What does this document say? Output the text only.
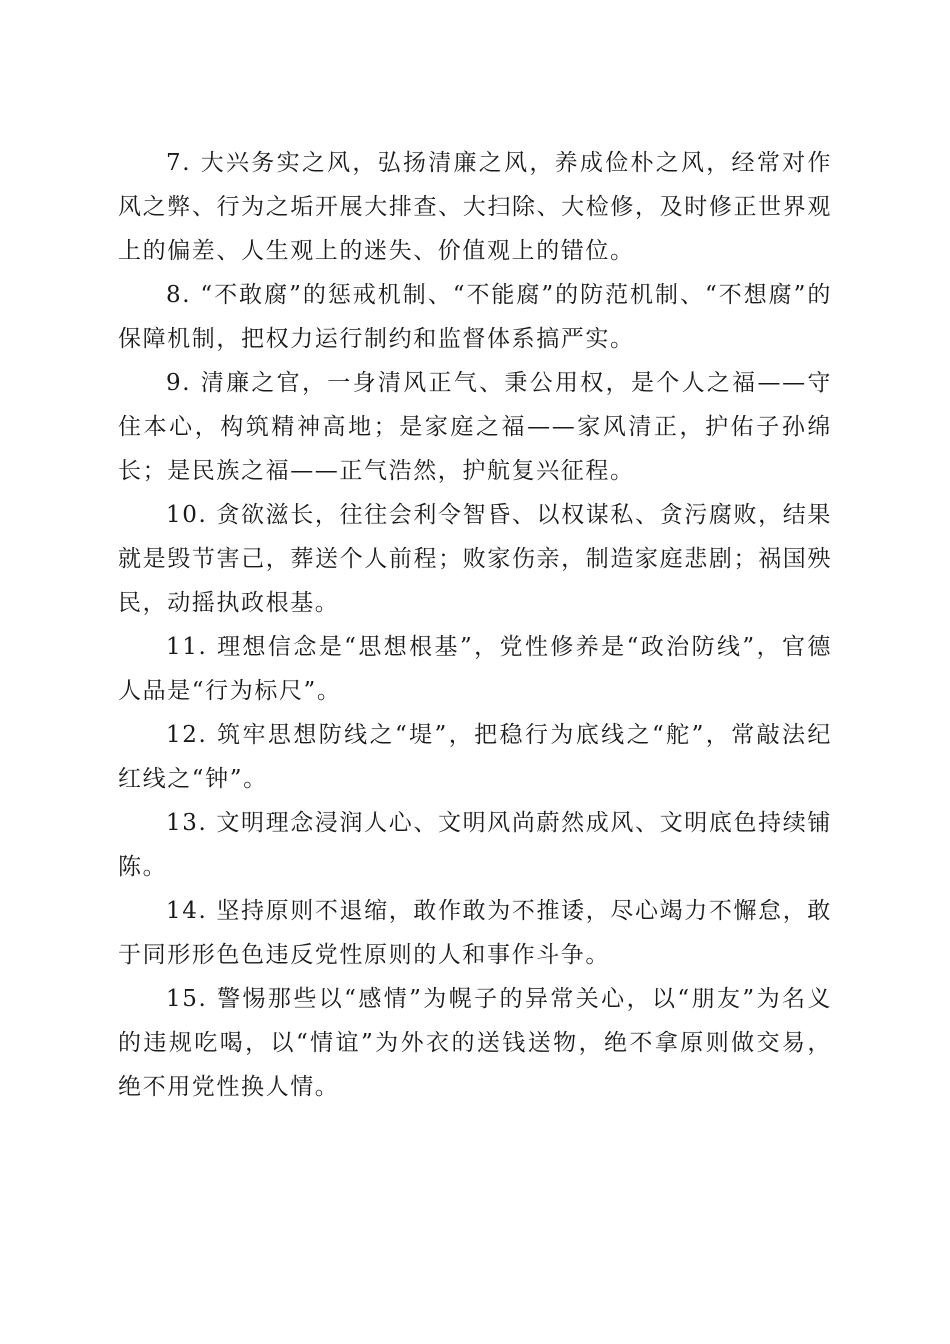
7. 大兴务实之风，弘扬清廉之风，养成俭朴之风，经常对作风之弊、行为之垢开展大排查、大扫除、大检修，及时修正世界观上的偏差、人生观上的迷失、价值观上的错位。

8. “不敢腐”的惩戒机制、“不能腐”的防范机制、“不想腐”的保障机制，把权力运行制约和监督体系搞严实。

9. 清廉之官，一身清风正气、秉公用权，是个人之福——守住本心，构筑精神高地；是家庭之福——家风清正，护佑子孙绵长；是民族之福——正气浩然，护航复兴征程。

10. 贪欲滋长，往往会利令智昏、以权谋私、贪污腐败，结果就是毁节害己，葬送个人前程；败家伤亲，制造家庭悲剧；祸国殃民，动摇执政根基。

11. 理想信念是“思想根基”，党性修养是“政治防线”，官德人品是“行为标尺”。

12. 筑牢思想防线之“堤”，把稳行为底线之“舵”，常敲法纪红线之“钟”。

13. 文明理念浸润人心、文明风尚蔚然成风、文明底色持续铺陈。

14. 坚持原则不退缩，敢作敢为不推诿，尽心竭力不懈怠，敢于同形形色色违反党性原则的人和事作斗争。

15. 警惕那些以“感情”为幌子的异常关心，以“朋友”为名义的违规吃喝，以“情谊”为外衣的送钱送物，绝不拿原则做交易，绝不用党性换人情。
